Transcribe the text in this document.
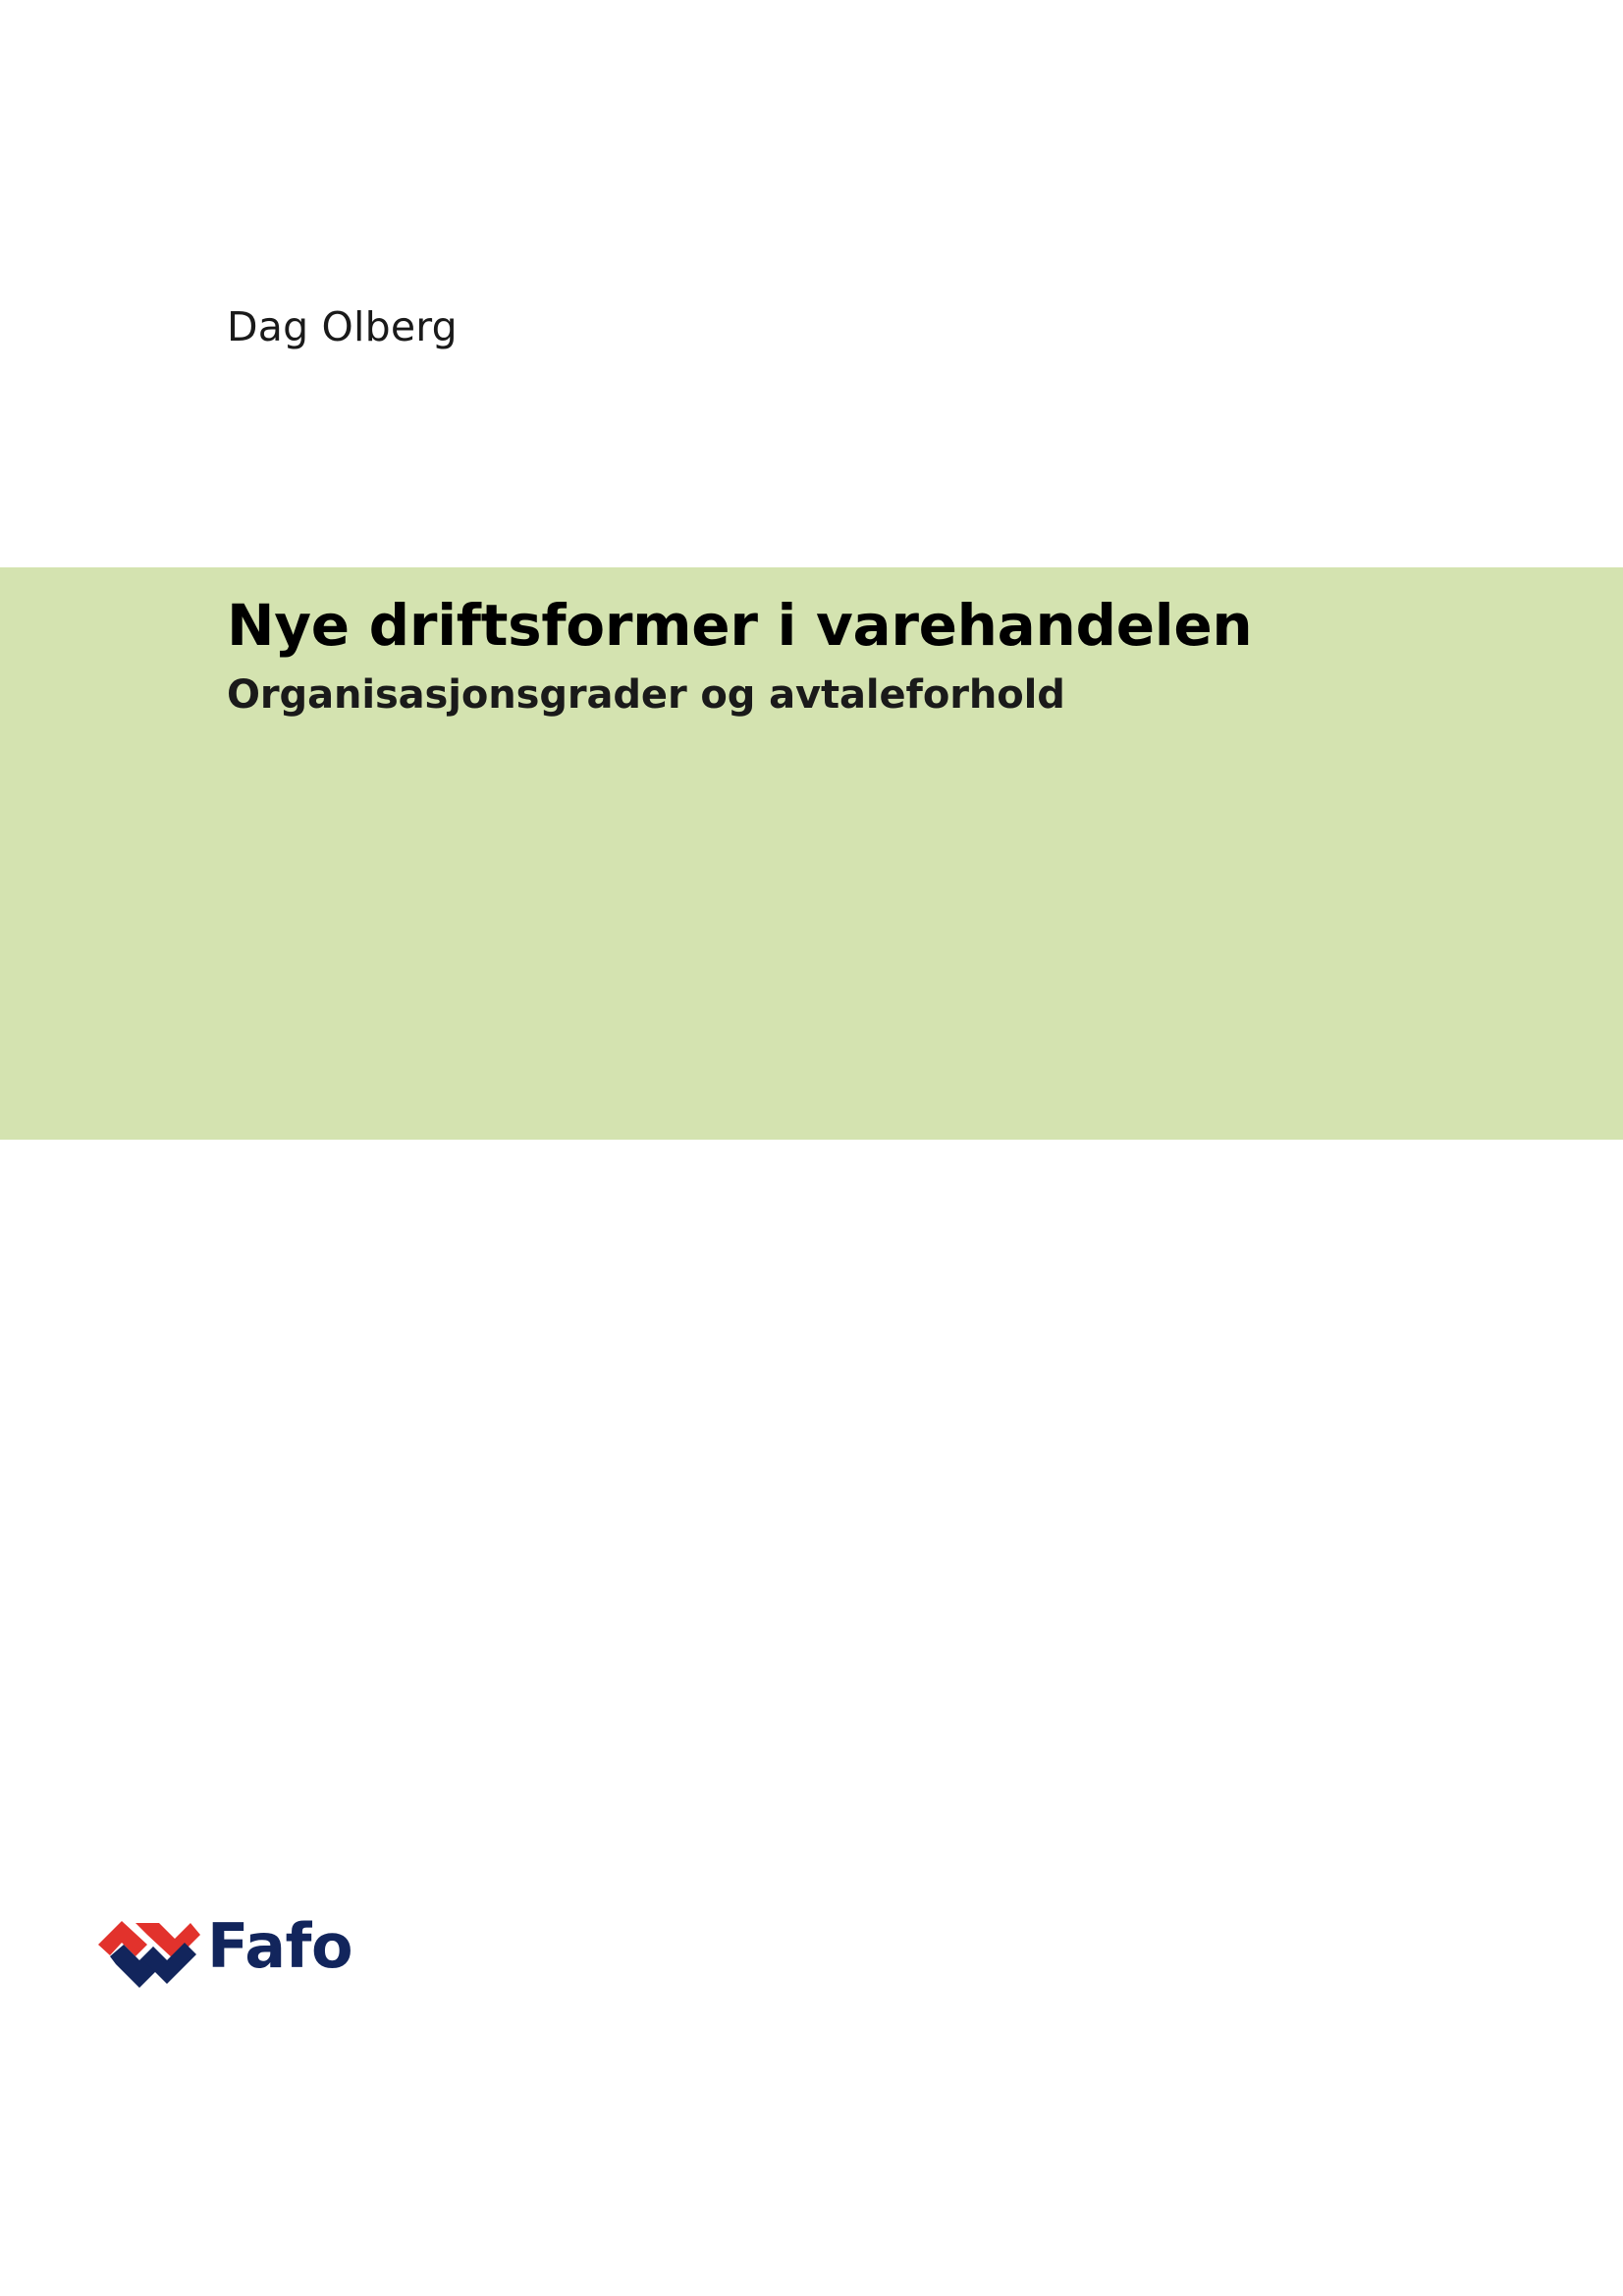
Dag Olberg
Nye driftsformer i varehandelen
Organisasjonsgrader og avtaleforhold
Fafo
